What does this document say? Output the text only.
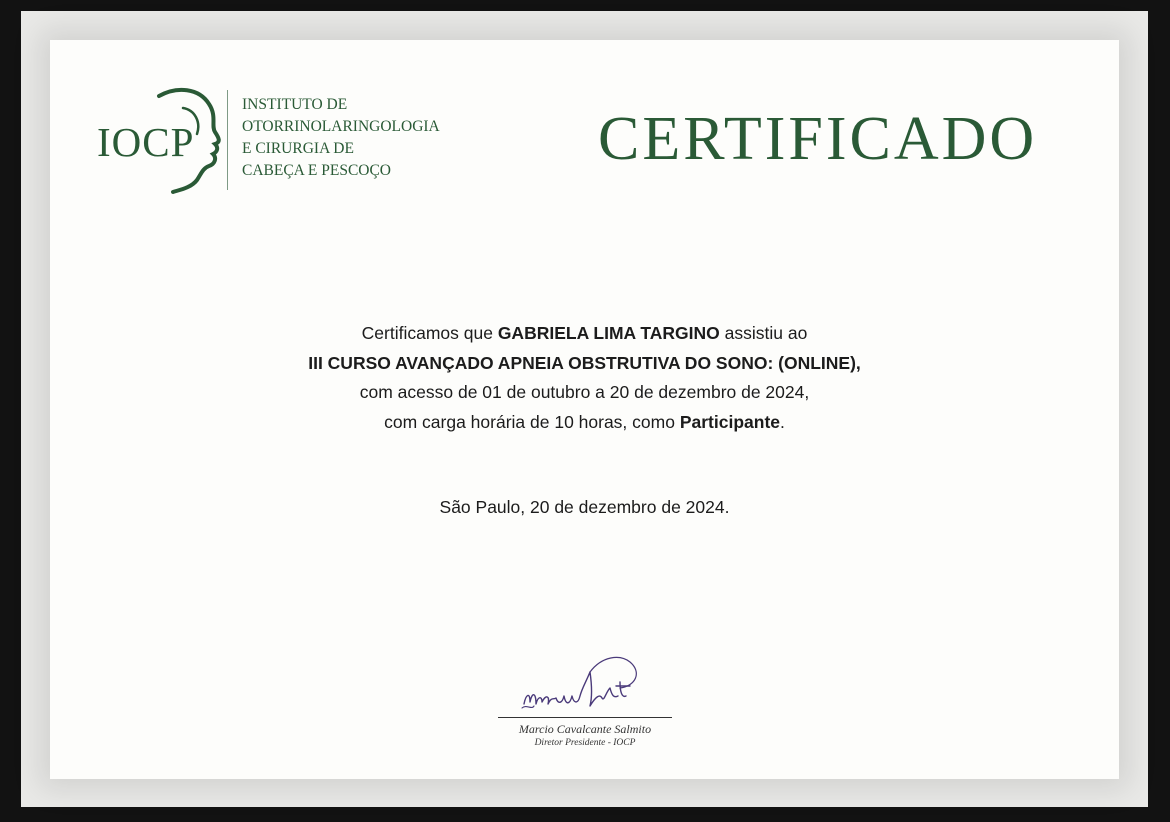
IOCP
INSTITUTO DE
OTORRINOLARINGOLOGIA
E CIRURGIA DE
CABEÇA E PESCOÇO	CERTIFICADO
Certificamos que GABRIELA LIMA TARGINO assistiu ao
III CURSO AVANÇADO APNEIA OBSTRUTIVA DO SONO: (ONLINE),
com acesso de 01 de outubro a 20 de dezembro de 2024,
com carga horária de 10 horas, como Participante.
São Paulo, 20 de dezembro de 2024.
Marcio Cavalcante Salmito
Diretor Presidente - IOCP
